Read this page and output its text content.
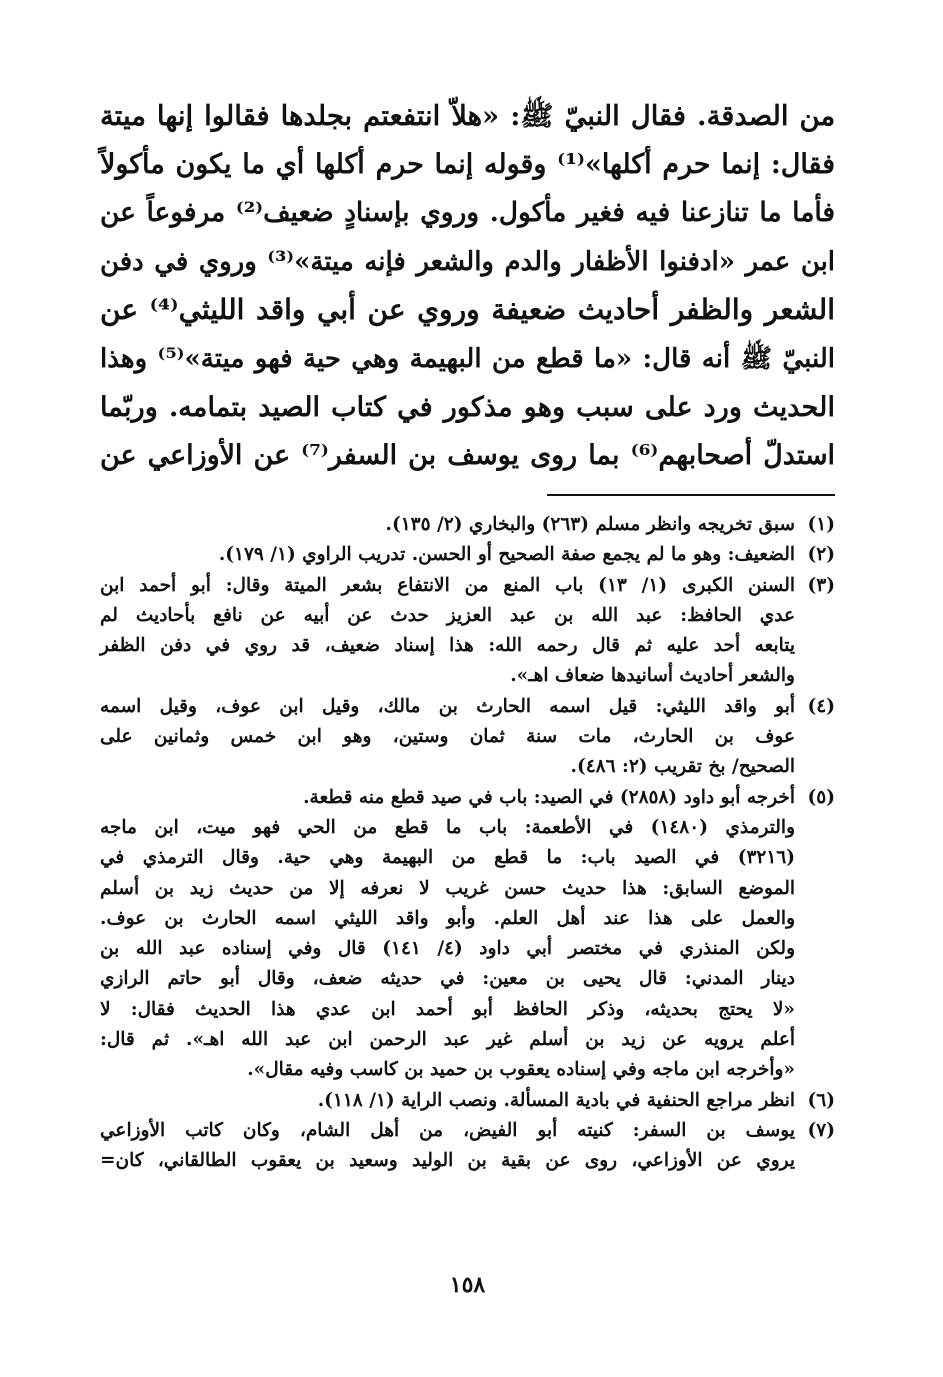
من الصدقة. فقال النبيّ ﷺ: «هلاّ انتفعتم بجلدها فقالوا إنها ميتة
فقال: إنما حرم أكلها»⁽¹⁾ وقوله إنما حرم أكلها أي ما يكون مأكولاً
فأما ما تنازعنا فيه فغير مأكول. وروي بإسنادٍ ضعيف⁽²⁾ مرفوعاً عن
ابن عمر «ادفنوا الأظفار والدم والشعر فإنه ميتة»⁽³⁾ وروي في دفن
الشعر والظفر أحاديث ضعيفة وروي عن أبي واقد الليثي⁽⁴⁾ عن
النبيّ ﷺ أنه قال: «ما قطع من البهيمة وهي حية فهو ميتة»⁽⁵⁾ وهذا
الحديث ورد على سبب وهو مذكور في كتاب الصيد بتمامه. وربّما
استدلّ أصحابهم⁽⁶⁾ بما روى يوسف بن السفر⁽⁷⁾ عن الأوزاعي عن
(١)
سبق تخريجه وانظر مسلم (٢٦٣) والبخاري (٢/ ١٣٥).
(٢)
الضعيف: وهو ما لم يجمع صفة الصحيح أو الحسن. تدريب الراوي (١/ ١٧٩).
(٣)
السنن الكبرى (١/ ١٣) باب المنع من الانتفاع بشعر الميتة وقال: أبو أحمد ابن
عدي الحافظ: عبد الله بن عبد العزيز حدث عن أبيه عن نافع بأحاديث لم
يتابعه أحد عليه ثم قال رحمه الله: هذا إسناد ضعيف، قد روي في دفن الظفر
والشعر أحاديث أسانيدها ضعاف اهـ».
(٤)
أبو واقد الليثي: قيل اسمه الحارث بن مالك، وقيل ابن عوف، وقيل اسمه
عوف بن الحارث، مات سنة ثمان وستين، وهو ابن خمس وثمانين على
الصحيح/ بخ تقريب (٢: ٤٨٦).
(٥)
أخرجه أبو داود (٢٨٥٨) في الصيد: باب في صيد قطع منه قطعة.
والترمذي (١٤٨٠) في الأطعمة: باب ما قطع من الحي فهو ميت، ابن ماجه
(٣٢١٦) في الصيد باب: ما قطع من البهيمة وهي حية. وقال الترمذي في
الموضع السابق: هذا حديث حسن غريب لا نعرفه إلا من حديث زيد بن أسلم
والعمل على هذا عند أهل العلم. وأبو واقد الليثي اسمه الحارث بن عوف.
ولكن المنذري في مختصر أبي داود (٤/ ١٤١) قال وفي إسناده عبد الله بن
دينار المدني: قال يحيى بن معين: في حديثه ضعف، وقال أبو حاتم الرازي
«لا يحتج بحديثه، وذكر الحافظ أبو أحمد ابن عدي هذا الحديث فقال: لا
أعلم يرويه عن زيد بن أسلم غير عبد الرحمن ابن عبد الله اهـ». ثم قال:
«وأخرجه ابن ماجه وفي إسناده يعقوب بن حميد بن كاسب وفيه مقال».
(٦)
انظر مراجع الحنفية في بادية المسألة. ونصب الراية (١/ ١١٨).
(٧)
يوسف بن السفر: كنيته أبو الفيض، من أهل الشام، وكان كاتب الأوزاعي
يروي عن الأوزاعي، روى عن بقية بن الوليد وسعيد بن يعقوب الطالقاني، كان=
١٥٨
